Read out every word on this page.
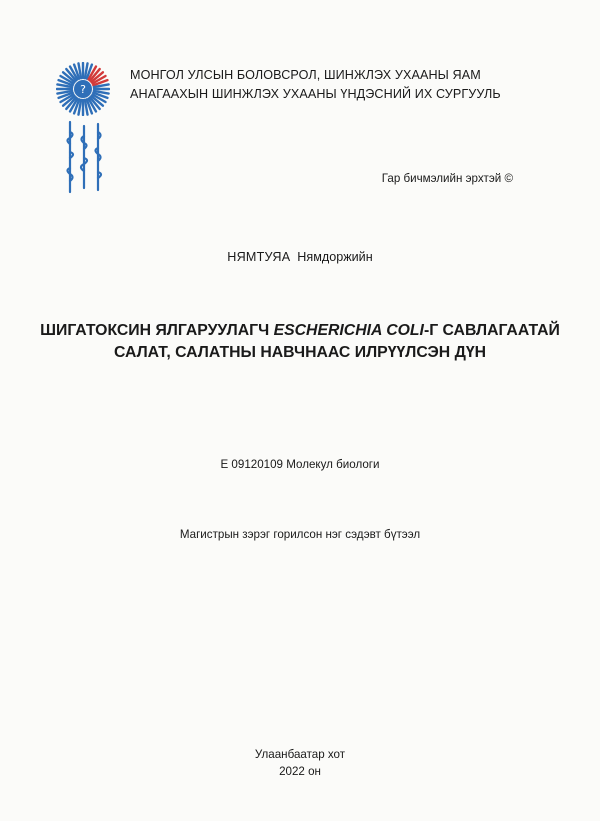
?
МОНГОЛ УЛСЫН БОЛОВСРОЛ, ШИНЖЛЭХ УХААНЫ ЯАМ
АНАГААХЫН ШИНЖЛЭХ УХААНЫ ҮНДЭСНИЙ ИХ СУРГУУЛЬ
Гар бичмэлийн эрхтэй ©
НЯМТУЯА Нямдоржийн
ШИГАТОКСИН ЯЛГАРУУЛАГЧ ESCHERICHIA COLI-Г САВЛАГААТАЙ
САЛАТ, САЛАТНЫ НАВЧНААС ИЛРҮҮЛСЭН ДҮН
E 09120109 Молекул биологи
Магистрын зэрэг горилсон нэг сэдэвт бүтээл
Улаанбаатар хот
2022 он
